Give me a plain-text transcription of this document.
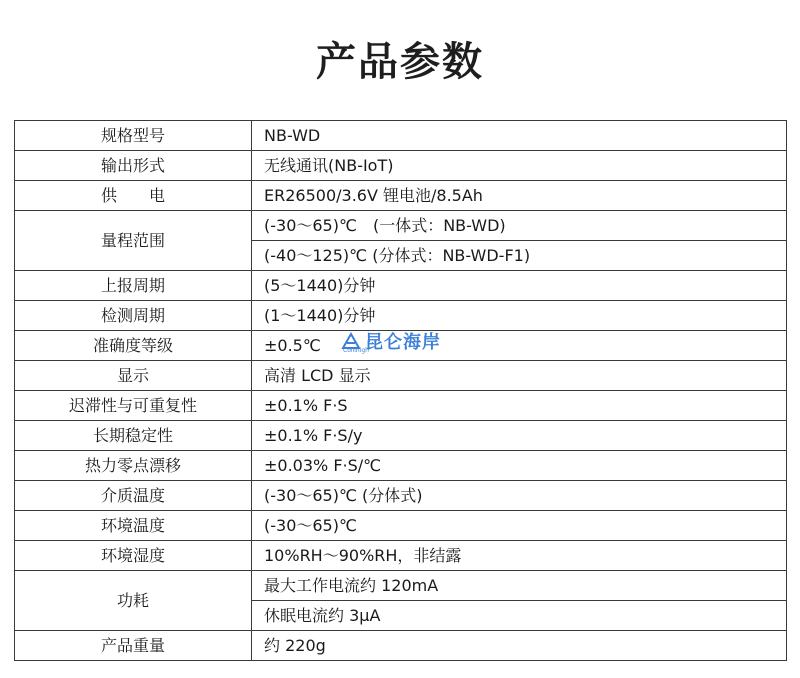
产品参数
规格型号	NB-WD
输出形式	无线通讯(NB-IoT)
供　　电	ER26500/3.6V 锂电池/8.5Ah
量程范围	(-30～65)℃　(一体式：NB-WD)
	(-40～125)℃ (分体式：NB-WD-F1)
上报周期	(5～1440)分钟
检测周期	(1～1440)分钟
准确度等级	±0.5℃
显示	高清 LCD 显示
迟滞性与可重复性	±0.1% F·S
长期稳定性	±0.1% F·S/y
热力零点漂移	±0.03% F·S/℃
介质温度	(-30～65)℃ (分体式)
环境温度	(-30～65)℃
环境湿度	10%RH～90%RH，非结露
功耗	最大工作电流约 120mA
	休眠电流约 3μA
产品重量	约 220g
昆仑海岸
Collihigh
